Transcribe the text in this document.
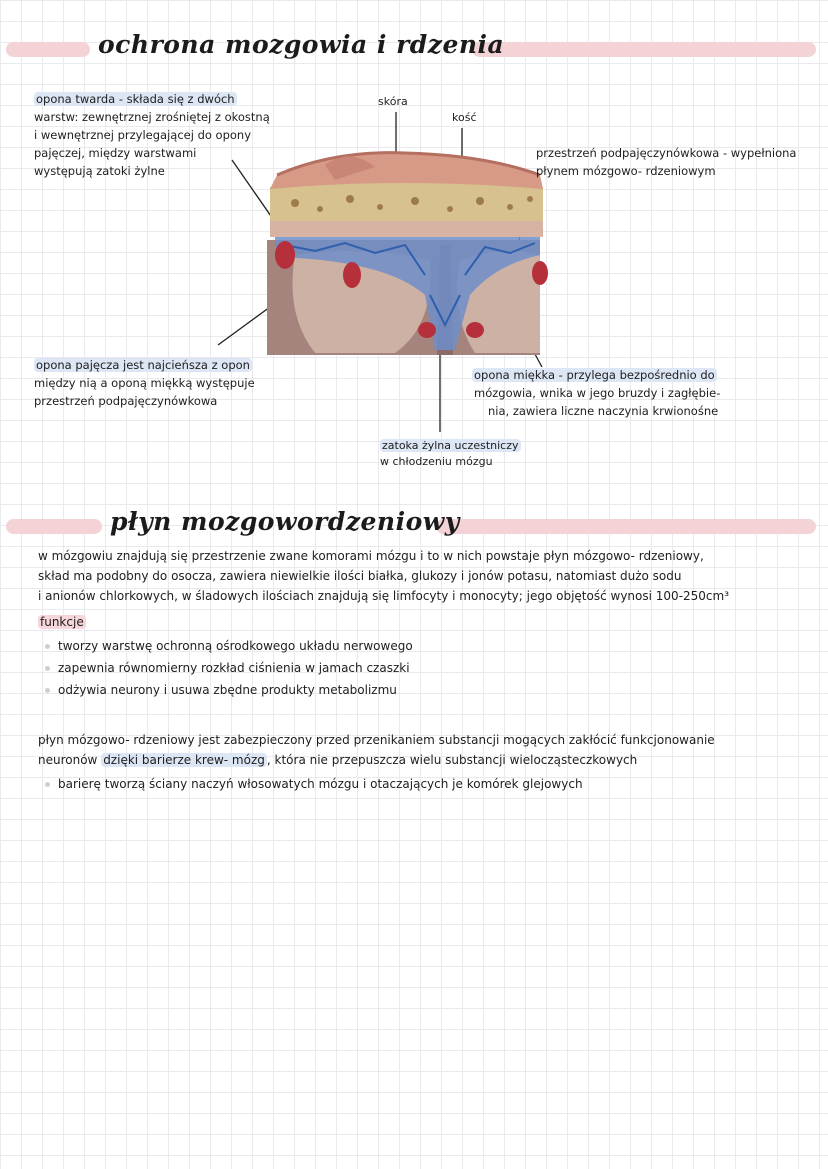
ochrona mozgowia i rdzenia
skóra
kość
opona twarda - składa się z dwóch
warstw: zewnętrznej zrośniętej z okostną
i wewnętrznej przylegającej do opony
pajęczej, między warstwami
występują zatoki żylne
przestrzeń podpajęczynówkowa - wypełniona
płynem mózgowo- rdzeniowym
opona pajęcza jest najcieńsza z opon
między nią a oponą miękką występuje
przestrzeń podpajęczynówkowa
opona miękka - przylega bezpośrednio do
mózgowia, wnika w jego bruzdy i zagłębie-
nia, zawiera liczne naczynia krwionośne
zatoka żylna uczestniczy
w chłodzeniu mózgu
płyn mozgowordzeniowy
w mózgowiu znajdują się przestrzenie zwane komorami mózgu i to w nich powstaje płyn mózgowo- rdzeniowy,
skład ma podobny do osocza, zawiera niewielkie ilości białka, glukozy i jonów potasu, natomiast dużo sodu
i anionów chlorkowych, w śladowych ilościach znajdują się limfocyty i monocyty; jego objętość wynosi 100-250cm³
funkcje
tworzy warstwę ochronną ośrodkowego układu nerwowego
zapewnia równomierny rozkład ciśnienia w jamach czaszki
odżywia neurony i usuwa zbędne produkty metabolizmu
płyn mózgowo- rdzeniowy jest zabezpieczony przed przenikaniem substancji mogących zakłócić funkcjonowanie
neuronów dzięki barierze krew- mózg , która nie przepuszcza wielu substancji wielocząsteczkowych
barierę tworzą ściany naczyń włosowatych mózgu i otaczających je komórek glejowych
